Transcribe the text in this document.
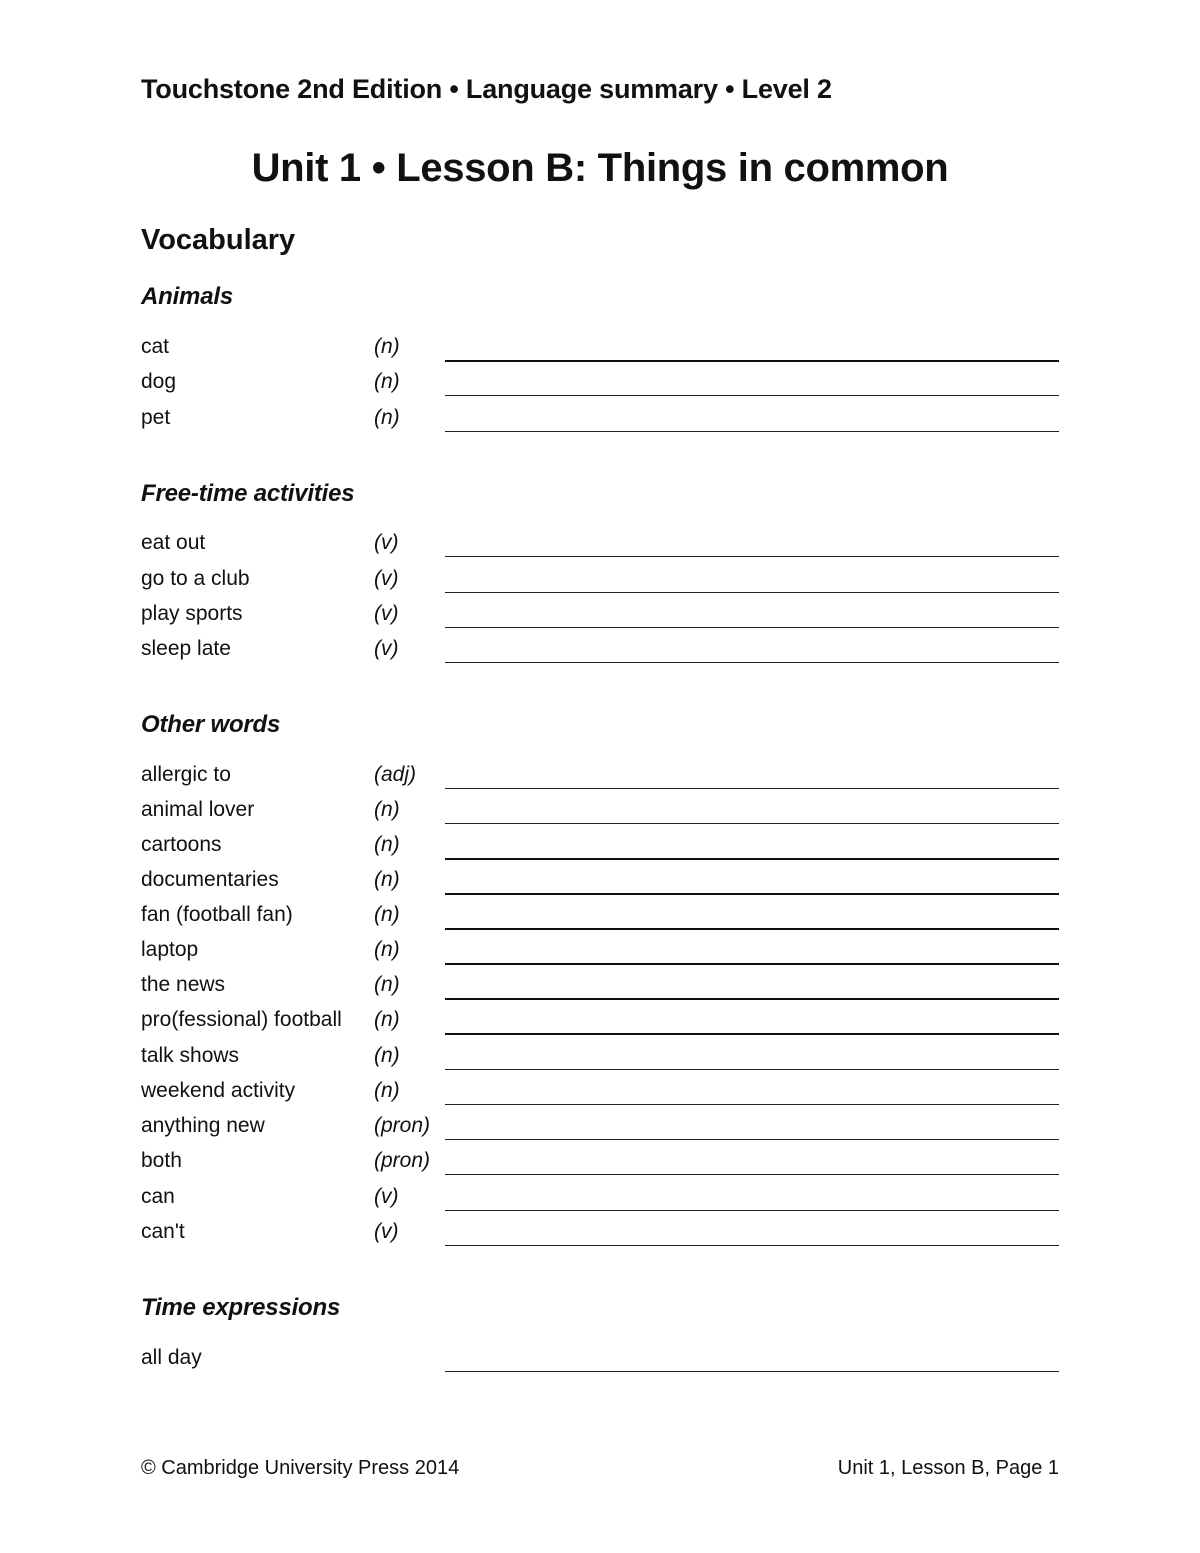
Touchstone 2nd Edition • Language summary • Level 2
Unit 1 • Lesson B: Things in common
Vocabulary
Animals
cat	(n)
dog	(n)
pet	(n)
Free-time activities
eat out	(v)
go to a club	(v)
play sports	(v)
sleep late	(v)
Other words
allergic to	(adj)
animal lover	(n)
cartoons	(n)
documentaries	(n)
fan (football fan)	(n)
laptop	(n)
the news	(n)
pro(fessional) football (n)
talk shows	(n)
weekend activity	(n)
anything new	(pron)
both	(pron)
can	(v)
can't	(v)
Time expressions
all day
© Cambridge University Press 2014	Unit 1, Lesson B, Page 1
